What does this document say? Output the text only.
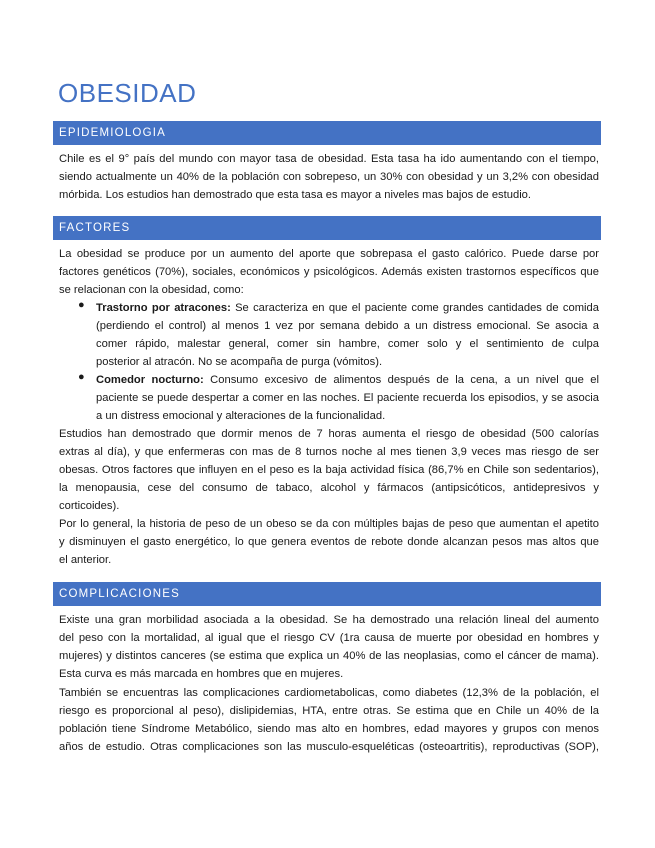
OBESIDAD
EPIDEMIOLOGIA
Chile es el 9° país del mundo con mayor tasa de obesidad. Esta tasa ha ido aumentando con el tiempo,
siendo actualmente un 40% de la población con sobrepeso, un 30% con obesidad y un 3,2% con obesidad
mórbida. Los estudios han demostrado que esta tasa es mayor a niveles mas bajos de estudio.
FACTORES
La obesidad se produce por un aumento del aporte que sobrepasa el gasto calórico. Puede darse por
factores genéticos (70%), sociales, económicos y psicológicos. Además existen trastornos específicos que
se relacionan con la obesidad, como:
● Trastorno por atracones: Se caracteriza en que el paciente come grandes cantidades de comida
(perdiendo el control) al menos 1 vez por semana debido a un distress emocional. Se asocia a
comer rápido, malestar general, comer sin hambre, comer solo y el sentimiento de culpa
posterior al atracón. No se acompaña de purga (vómitos).
● Comedor nocturno: Consumo excesivo de alimentos después de la cena, a un nivel que el
paciente se puede despertar a comer en las noches. El paciente recuerda los episodios, y se asocia
a un distress emocional y alteraciones de la funcionalidad.
Estudios han demostrado que dormir menos de 7 horas aumenta el riesgo de obesidad (500 calorías
extras al día), y que enfermeras con mas de 8 turnos noche al mes tienen 3,9 veces mas riesgo de ser
obesas. Otros factores que influyen en el peso es la baja actividad física (86,7% en Chile son sedentarios),
la menopausia, cese del consumo de tabaco, alcohol y fármacos (antipsicóticos, antidepresivos y
corticoides).
Por lo general, la historia de peso de un obeso se da con múltiples bajas de peso que aumentan el apetito
y disminuyen el gasto energético, lo que genera eventos de rebote donde alcanzan pesos mas altos que
el anterior.
COMPLICACIONES
Existe una gran morbilidad asociada a la obesidad. Se ha demostrado una relación lineal del aumento
del peso con la mortalidad, al igual que el riesgo CV (1ra causa de muerte por obesidad en hombres y
mujeres) y distintos canceres (se estima que explica un 40% de las neoplasias, como el cáncer de mama).
Esta curva es más marcada en hombres que en mujeres.
También se encuentras las complicaciones cardiometabolicas, como diabetes (12,3% de la población, el
riesgo es proporcional al peso), dislipidemias, HTA, entre otras. Se estima que en Chile un 40% de la
población tiene Síndrome Metabólico, siendo mas alto en hombres, edad mayores y grupos con menos
años de estudio. Otras complicaciones son las musculo-esqueléticas (osteoartritis), reproductivas (SOP),
